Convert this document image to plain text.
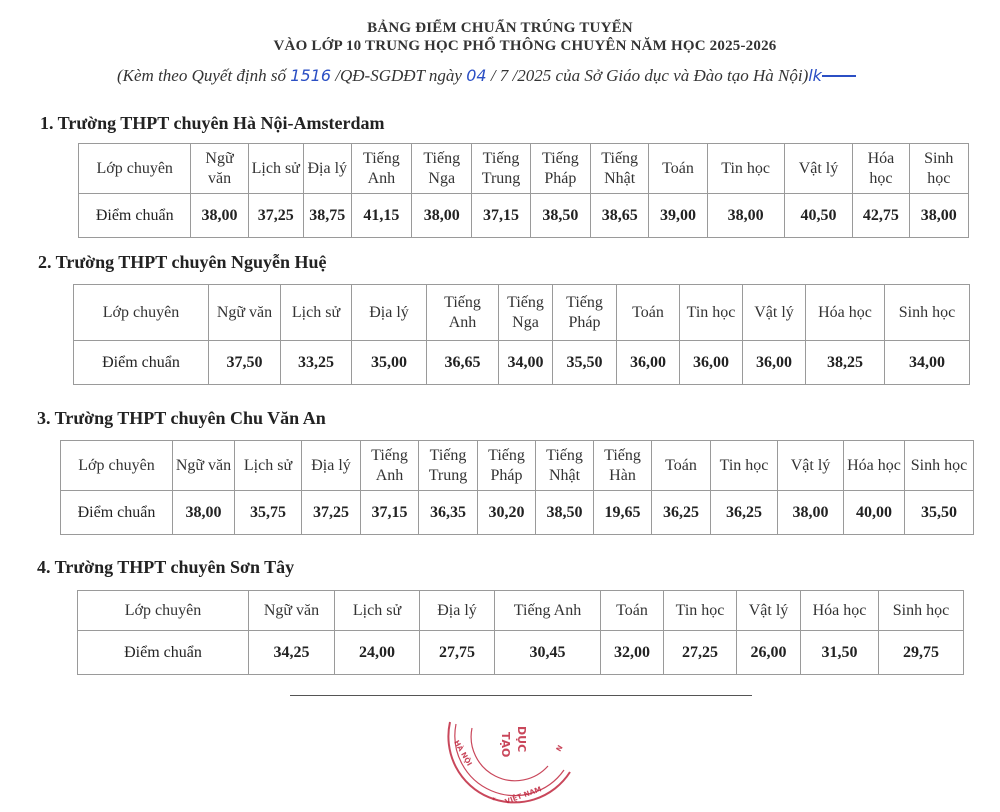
BẢNG ĐIỂM CHUẨN TRÚNG TUYỂN
VÀO LỚP 10 TRUNG HỌC PHỔ THÔNG CHUYÊN NĂM HỌC 2025-2026
(Kèm theo Quyết định số 1516 /QĐ-SGDĐT ngày 04 / 7 /2025 của Sở Giáo dục và Đào tạo Hà Nội)lk
1. Trường THPT chuyên Hà Nội-Amsterdam
Lớp chuyên	Ngữ văn	Lịch sử	Địa lý	Tiếng Anh	Tiếng Nga	Tiếng Trung	Tiếng Pháp	Tiếng Nhật	Toán	Tin học	Vật lý	Hóa học	Sinh học
Điểm chuẩn	38,00	37,25	38,75	41,15	38,00	37,15	38,50	38,65	39,00	38,00	40,50	42,75	38,00
2. Trường THPT chuyên Nguyễn Huệ
Lớp chuyên	Ngữ văn	Lịch sử	Địa lý	Tiếng Anh	Tiếng Nga	Tiếng Pháp	Toán	Tin học	Vật lý	Hóa học	Sinh học
Điểm chuẩn	37,50	33,25	35,00	36,65	34,00	35,50	36,00	36,00	36,00	38,25	34,00
3. Trường THPT chuyên Chu Văn An
Lớp chuyên	Ngữ văn	Lịch sử	Địa lý	Tiếng Anh	Tiếng Trung	Tiếng Pháp	Tiếng Nhật	Tiếng Hàn	Toán	Tin học	Vật lý	Hóa học	Sinh học
Điểm chuẩn	38,00	35,75	37,25	37,15	36,35	30,20	38,50	19,65	36,25	36,25	38,00	40,00	35,50
4. Trường THPT chuyên Sơn Tây
Lớp chuyên	Ngữ văn	Lịch sử	Địa lý	Tiếng Anh	Toán	Tin học	Vật lý	Hóa học	Sinh học
Điểm chuẩn	34,25	24,00	27,75	30,45	32,00	27,25	26,00	31,50	29,75
TẠO DỤC
HÀ NỘI
VIỆT NAM
N
*
